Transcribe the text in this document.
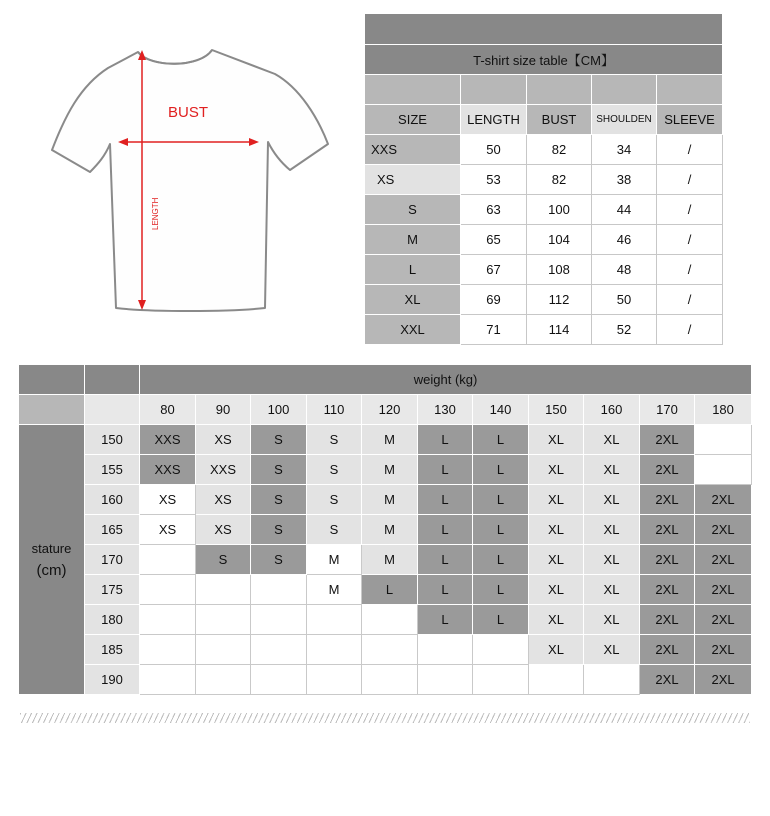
BUST
LENGTH

T-shirt size table【CM】				

SIZE	LENGTH	BUST	SHOULDEN	SLEEVE
XXS	50	82	34	/
XS	53	82	38	/
S	63	100	44	/
M	65	104	46	/
L	67	108	48	/
XL	69	112	50	/
XXL	71	114	52	/
		weight (kg)										
		80	90	100	110	120	130	140	150	160	170	180

stature
(cm)	150	XXS	XS	S	S	M	L	L	XL	XL	2XL	
	155	XXS	XXS	S	S	M	L	L	XL	XL	2XL	
	160	XS	XS	S	S	M	L	L	XL	XL	2XL	2XL
	165	XS	XS	S	S	M	L	L	XL	XL	2XL	2XL
	170		S	S	M	M	L	L	XL	XL	2XL	2XL
	175				M	L	L	L	XL	XL	2XL	2XL
	180						L	L	XL	XL	2XL	2XL
	185								XL	XL	2XL	2XL
	190										2XL	2XL
